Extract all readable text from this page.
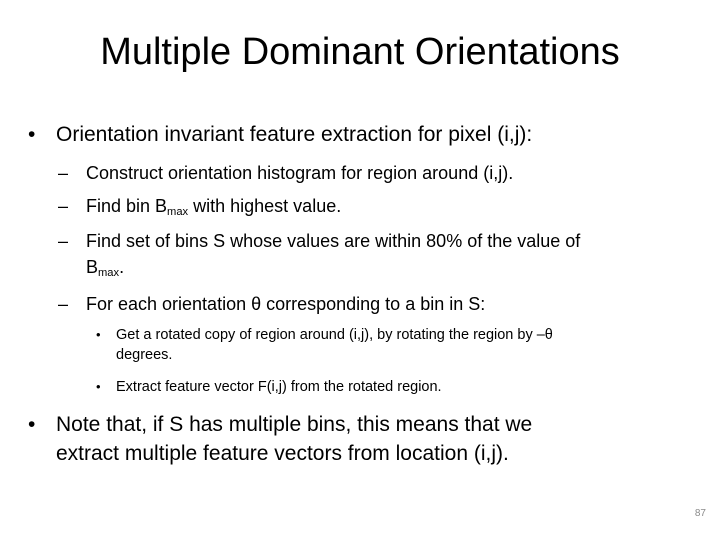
Multiple Dominant Orientations
• Orientation invariant feature extraction for pixel (i,j):
– Construct orientation histogram for region around (i,j).
– Find bin $B_{max}$ with highest value.
– Find set of bins S whose values are within 80% of the value of
$B_{max}$.
– For each orientation θ corresponding to a bin in S:
• Get a rotated copy of region around (i,j), by rotating the region by –θ
degrees.
• Extract feature vector F(i,j) from the rotated region.
• Note that, if S has multiple bins, this means that we
extract multiple feature vectors from location (i,j).
87
